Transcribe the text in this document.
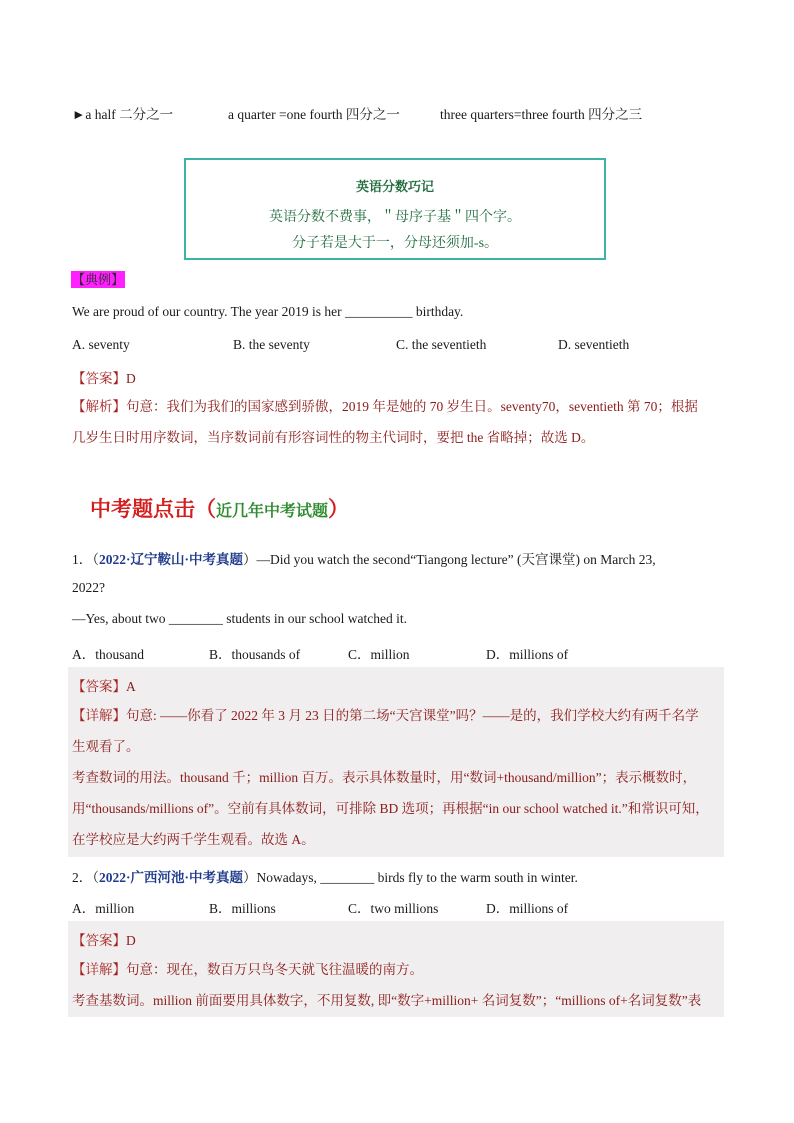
►a half 二分之一	a quarter =one fourth 四分之一	three quarters=three fourth 四分之三
英语分数巧记
英语分数不费事，＂母序子基＂四个字。
分子若是大于一，分母还须加-s。
【典例】
We are proud of our country. The year 2019 is her __________ birthday.
A. seventy	B. the seventy	C. the seventieth	D. seventieth
【答案】D
【解析】句意：我们为我们的国家感到骄傲，2019 年是她的 70 岁生日。seventy70，seventieth 第 70；根据
几岁生日时用序数词，当序数词前有形容词性的物主代词时，要把 the 省略掉；故选 D。
中考题点击（近几年中考试题）
1．（2022·辽宁鞍山·中考真题）—Did you watch the second“Tiangong lecture” (天宫课堂) on March 23,
2022?
—Yes, about two ________ students in our school watched it.
A．thousand	B．thousands of	C．million	D．millions of
【答案】A
【详解】句意: ——你看了 2022 年 3 月 23 日的第二场“天宫课堂”吗？——是的，我们学校大约有两千名学
生观看了。
考查数词的用法。thousand 千；million 百万。表示具体数量时，用“数词+thousand/million”；表示概数时，
用“thousands/millions of”。空前有具体数词，可排除 BD 选项；再根据“in our school watched it.”和常识可知，
在学校应是大约两千学生观看。故选 A。
2．（2022·广西河池·中考真题）Nowadays, ________ birds fly to the warm south in winter.
A．million	B．millions	C．two millions	D．millions of
【答案】D
【详解】句意：现在，数百万只鸟冬天就飞往温暖的南方。
考查基数词。million 前面要用具体数字，不用复数, 即“数字+million+ 名词复数”；“millions of+名词复数”表
